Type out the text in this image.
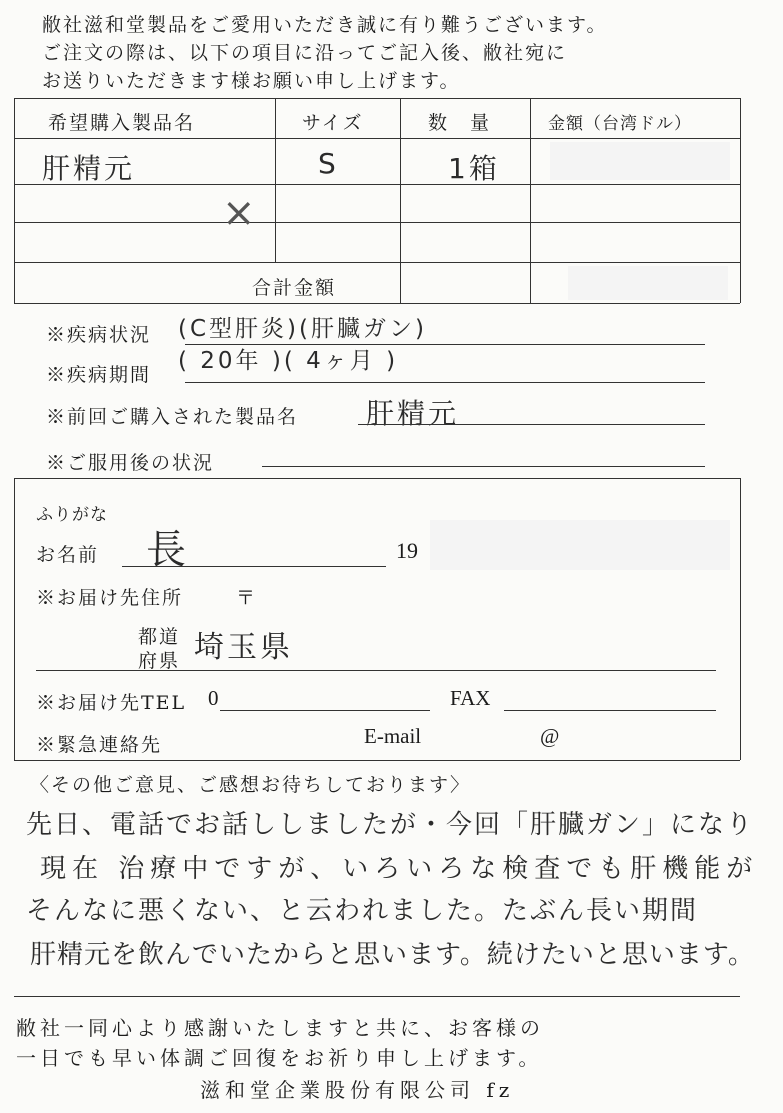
敝社滋和堂製品をご愛用いただき誠に有り難うございます。
ご注文の際は、以下の項目に沿ってご記入後、敝社宛に
お送りいただきます様お願い申し上げます。
希望購入製品名	サイズ	数　量	金額（台湾ドル）
肝精元	S	1箱
×
合計金額
※疾病状況 (C型肝炎)(肝臓ガン)
※疾病期間
( 20年 )( 4ヶ月 )
※前回ご購入された製品名 肝精元
※ご服用後の状況
ふりがな
お名前 長	19
※お届け先住所	〒
都道
府県 埼玉県
※お届け先TEL 0	FAX
※緊急連絡先	E-mail	@
〈その他ご意見、ご感想お待ちしております〉
先日、電話でお話ししましたが・今回「肝臓ガン」になり
現在 治療中ですが、いろいろな検査でも肝機能が
そんなに悪くない、と云われました。たぶん長い期間
肝精元を飲んでいたからと思います。続けたいと思います。
敝社一同心より感謝いたしますと共に、お客様の
一日でも早い体調ご回復をお祈り申し上げます。
滋和堂企業股份有限公司 fz
